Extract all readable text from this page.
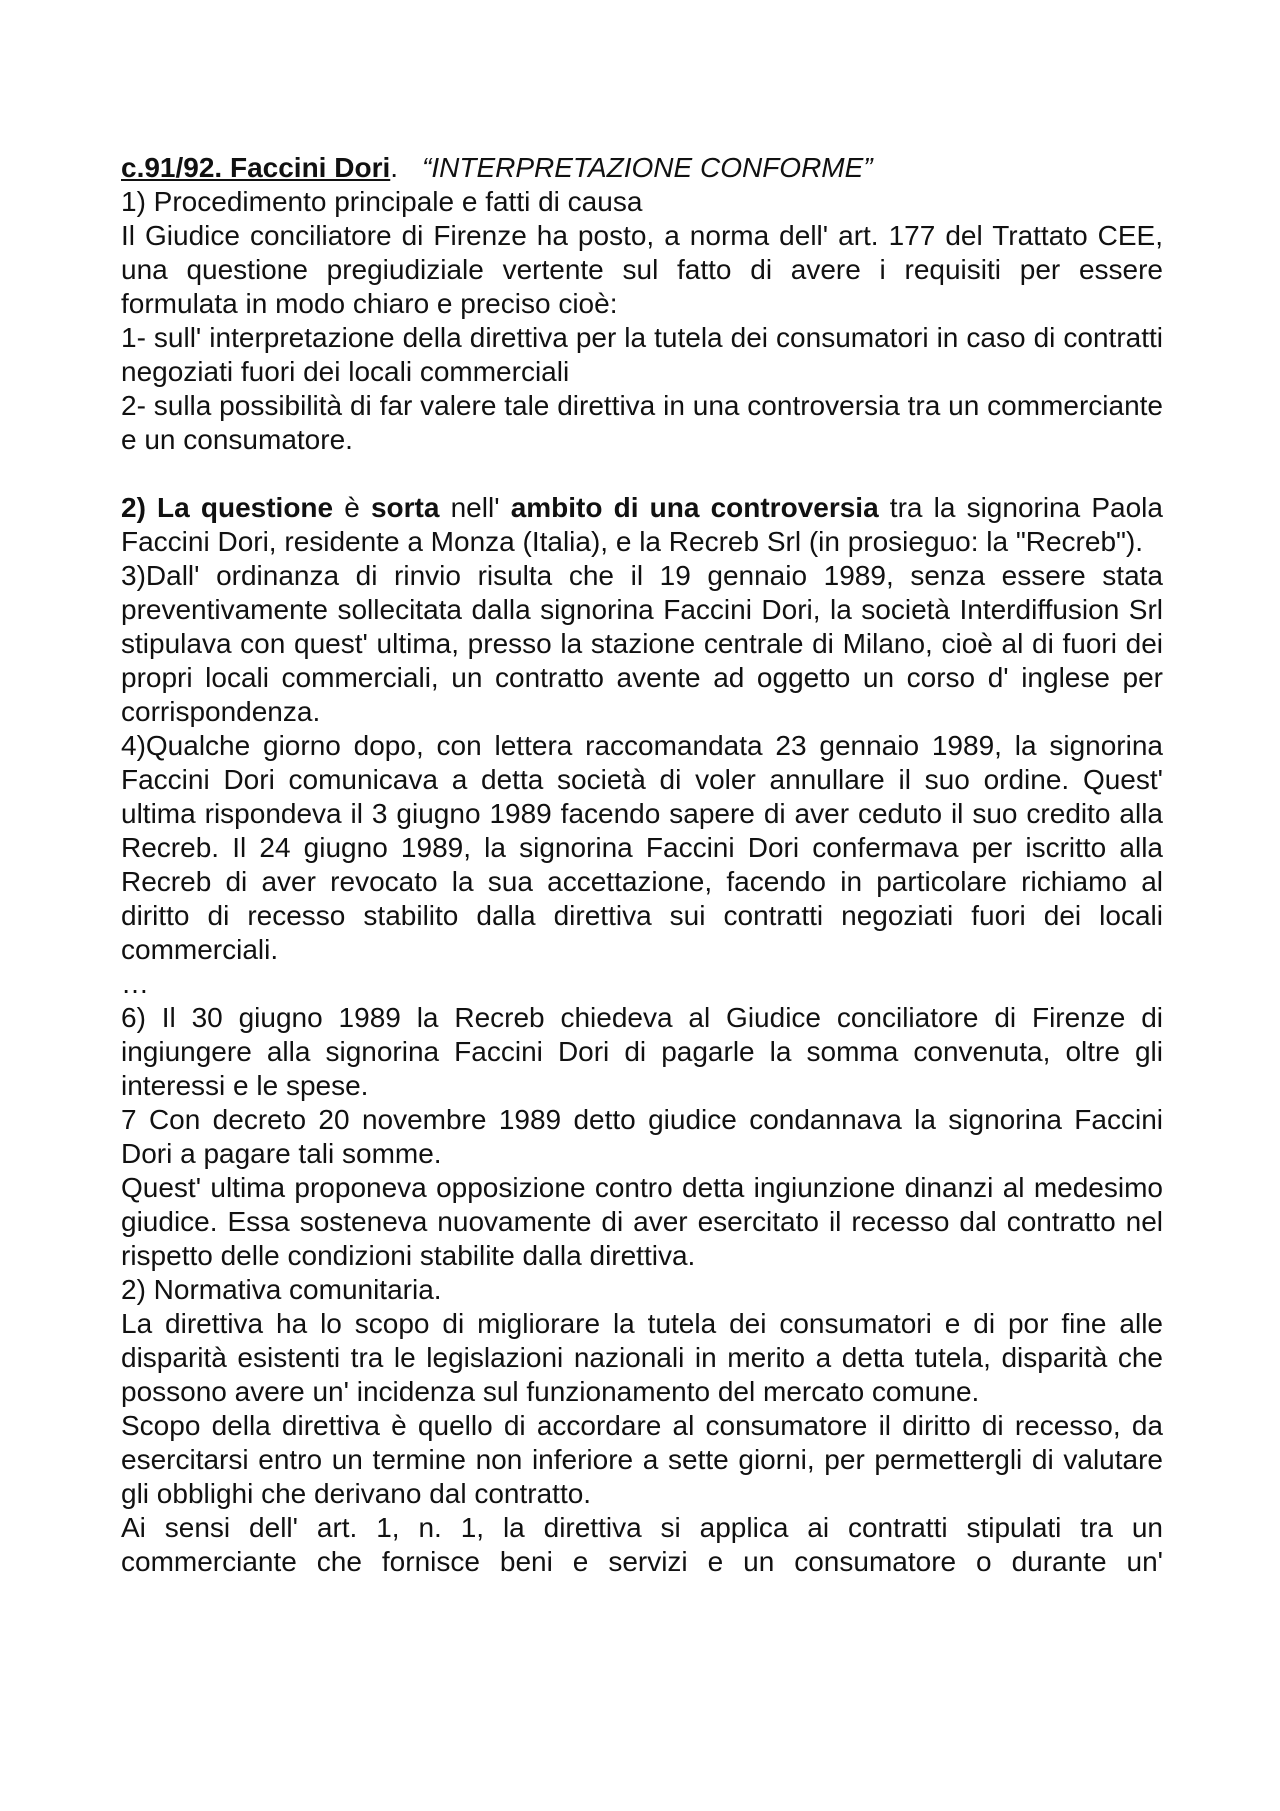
c.91/92. Faccini Dori. “INTERPRETAZIONE CONFORME”

1) Procedimento principale e fatti di causa

Il Giudice conciliatore di Firenze ha posto, a norma dell' art. 177 del Trattato CEE, una questione pregiudiziale vertente sul fatto di avere i requisiti per essere formulata in modo chiaro e preciso cioè:

1- sull' interpretazione della direttiva per la tutela dei consumatori in caso di contratti negoziati fuori dei locali commerciali

2- sulla possibilità di far valere tale direttiva in una controversia tra un commerciante e un consumatore.

2) La questione è sorta nell' ambito di una controversia tra la signorina Paola Faccini Dori, residente a Monza (Italia), e la Recreb Srl (in prosieguo: la "Recreb").

3)Dall' ordinanza di rinvio risulta che il 19 gennaio 1989, senza essere stata preventivamente sollecitata dalla signorina Faccini Dori, la società Interdiffusion Srl stipulava con quest' ultima, presso la stazione centrale di Milano, cioè al di fuori dei propri locali commerciali, un contratto avente ad oggetto un corso d' inglese per corrispondenza.

4)Qualche giorno dopo, con lettera raccomandata 23 gennaio 1989, la signorina Faccini Dori comunicava a detta società di voler annullare il suo ordine. Quest' ultima rispondeva il 3 giugno 1989 facendo sapere di aver ceduto il suo credito alla Recreb. Il 24 giugno 1989, la signorina Faccini Dori confermava per iscritto alla Recreb di aver revocato la sua accettazione, facendo in particolare richiamo al diritto di recesso stabilito dalla direttiva sui contratti negoziati fuori dei locali commerciali.

…

6) Il 30 giugno 1989 la Recreb chiedeva al Giudice conciliatore di Firenze di ingiungere alla signorina Faccini Dori di pagarle la somma convenuta, oltre gli interessi e le spese.

7 Con decreto 20 novembre 1989 detto giudice condannava la signorina Faccini Dori a pagare tali somme.

Quest' ultima proponeva opposizione contro detta ingiunzione dinanzi al medesimo giudice. Essa sosteneva nuovamente di aver esercitato il recesso dal contratto nel rispetto delle condizioni stabilite dalla direttiva.

2) Normativa comunitaria.

La direttiva ha lo scopo di migliorare la tutela dei consumatori e di por fine alle disparità esistenti tra le legislazioni nazionali in merito a detta tutela, disparità che possono avere un' incidenza sul funzionamento del mercato comune.

Scopo della direttiva è quello di accordare al consumatore il diritto di recesso, da esercitarsi entro un termine non inferiore a sette giorni, per permettergli di valutare gli obblighi che derivano dal contratto.

Ai sensi dell' art. 1, n. 1, la direttiva si applica ai contratti stipulati tra un commerciante che fornisce beni e servizi e un consumatore o durante un'
